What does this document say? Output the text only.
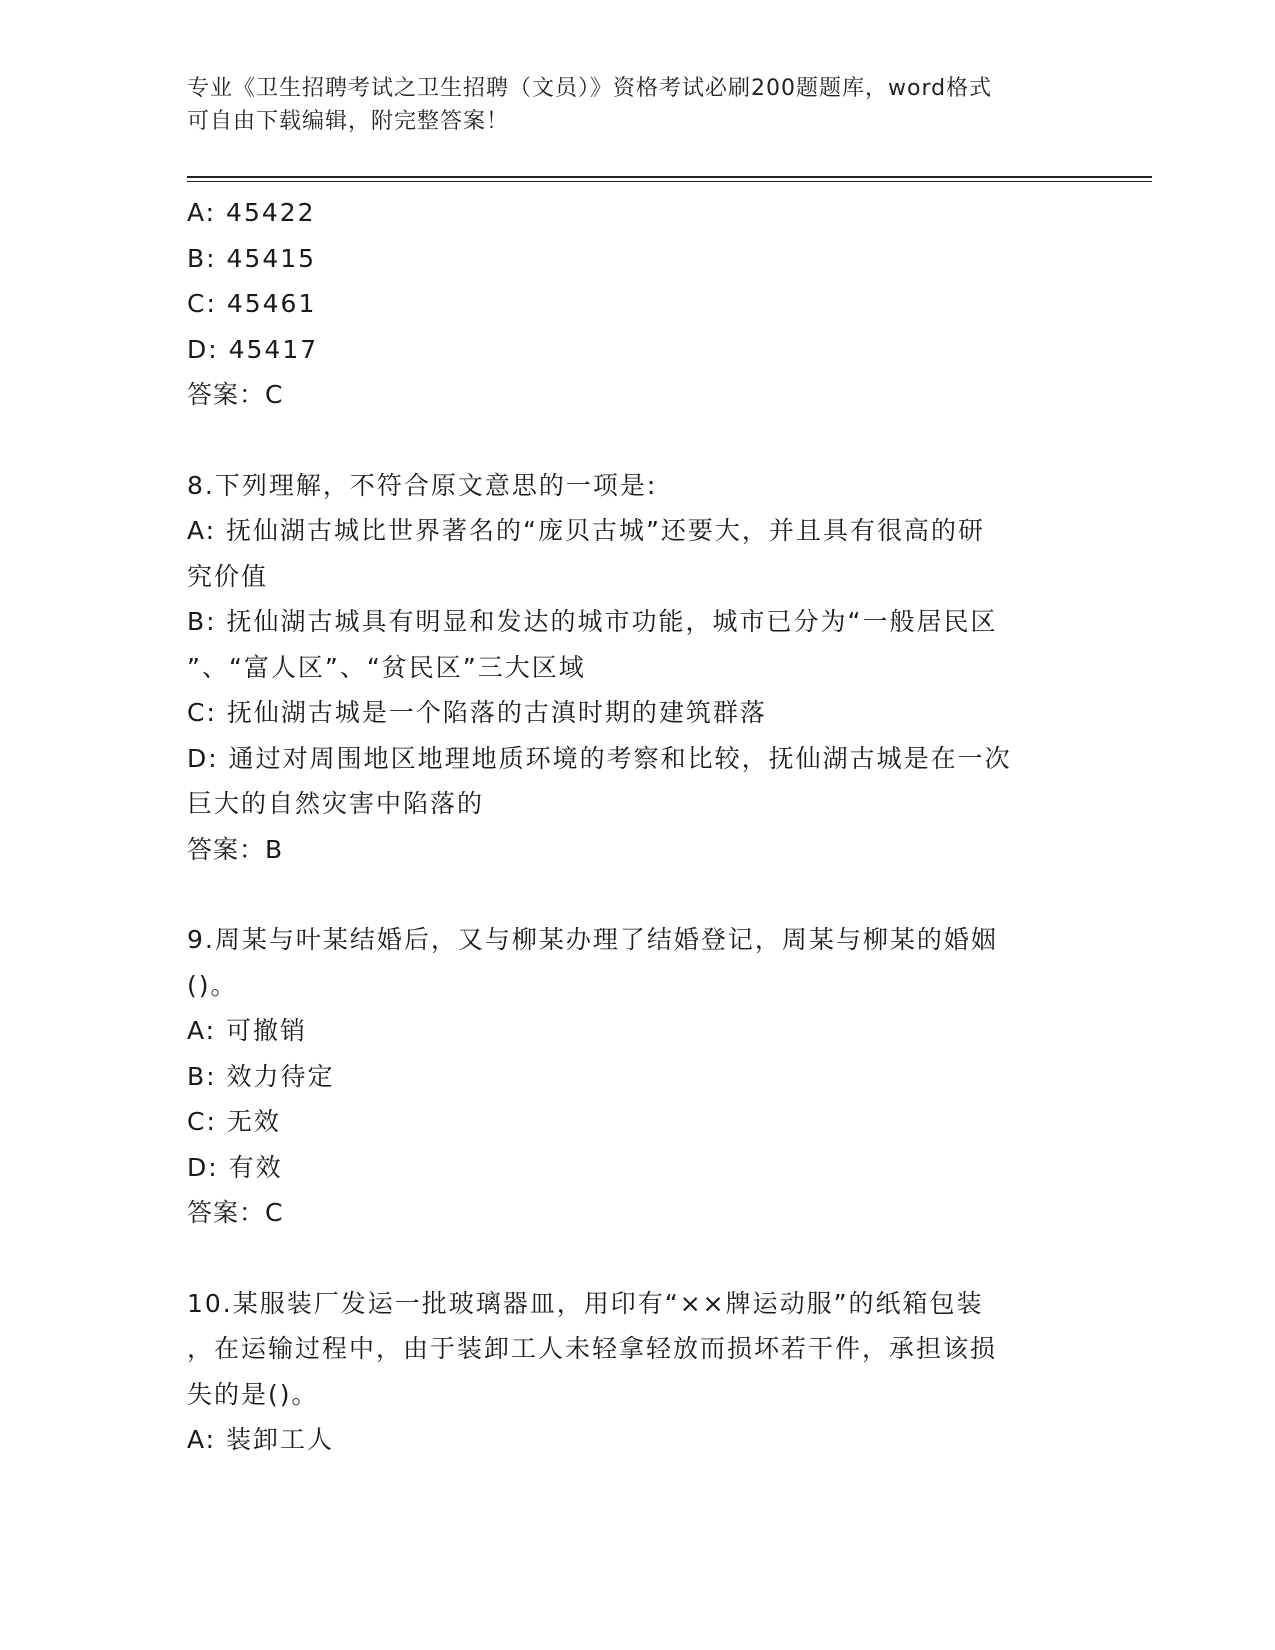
专业《卫生招聘考试之卫生招聘（文员）》资格考试必刷200题题库，word格式
可自由下载编辑，附完整答案！
A: 45422
B: 45415
C: 45461
D: 45417
答案：C
8.下列理解，不符合原文意思的一项是:
A: 抚仙湖古城比世界著名的“庞贝古城”还要大，并且具有很高的研
究价值
B: 抚仙湖古城具有明显和发达的城市功能，城市已分为“一般居民区
”、“富人区”、“贫民区”三大区域
C: 抚仙湖古城是一个陷落的古滇时期的建筑群落
D: 通过对周围地区地理地质环境的考察和比较，抚仙湖古城是在一次
巨大的自然灾害中陷落的
答案：B
9.周某与叶某结婚后，又与柳某办理了结婚登记，周某与柳某的婚姻
()。
A: 可撤销
B: 效力待定
C: 无效
D: 有效
答案：C
10.某服装厂发运一批玻璃器皿，用印有“××牌运动服”的纸箱包装
，在运输过程中，由于装卸工人未轻拿轻放而损坏若干件，承担该损
失的是()。
A: 装卸工人
